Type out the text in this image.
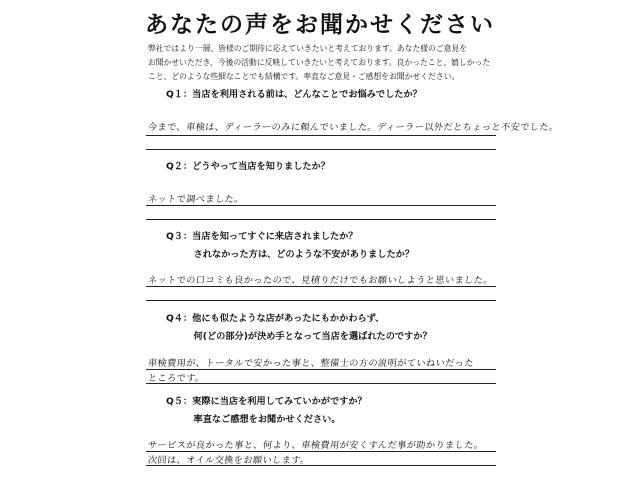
あなたの声をお聞かせください
弊社ではより一層、皆様のご期待に応えていきたいと考えております。あなた様のご意見を
お聞かせいただき、今後の活動に反映していきたいと考えております。良かったこと、嬉しかった
こと、どのような些細なことでも結構です。率直なご意見・ご感想をお聞かせください。
Q１：当店を利用される前は、どんなことでお悩みでしたか？
今まで、車検は、ディーラーのみに頼んでいました。ディーラー以外だとちょっと不安でした。
Q２：どうやって当店を知りましたか？
ネットで調べました。
Q３：当店を知ってすぐに来店されましたか？
　　　されなかった方は、どのような不安がありましたか？
ネットでの口コミも良かったので、見積りだけでもお願いしようと思いました。
Q４：他にも似たような店があったにもかかわらず、
　　　何(どの部分)が決め手となって当店を選ばれたのですか？
車検費用が、トータルで安かった事と、整備士の方の説明がていねいだった
ところです。
Q５：実際に当店を利用してみていかがですか？
　　　率直なご感想をお聞かせください。
サービスが良かった事と、何より、車検費用が安くすんだ事が助かりました。
次回は、オイル交換をお願いします。
